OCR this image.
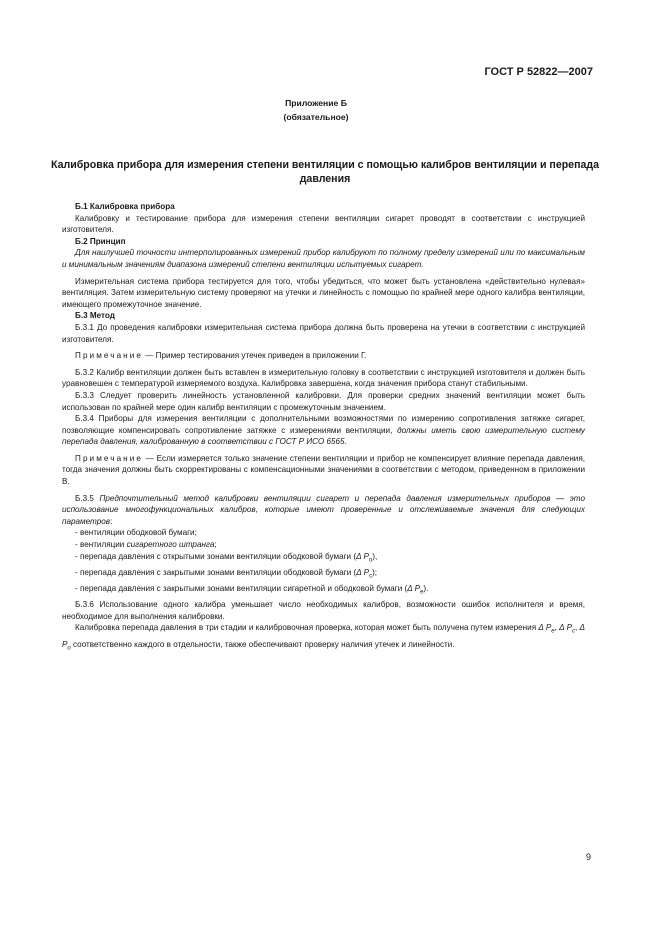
ГОСТ Р 52822—2007
Приложение Б
(обязательное)
Калибровка прибора для измерения степени вентиляции с помощью калибров вентиляции и перепада давления

Б.1 Калибровка прибора

Калибровку и тестирование прибора для измерения степени вентиляции сигарет проводят в соответствии с инструкцией изготовителя.

Б.2 Принцип

Для наилучшей точности интерполированных измерений прибор калибруют по полному пределу измерений или по максимальным и минимальным значениям диапазона измерений степени вентиляции испытуемых сигарет.

Измерительная система прибора тестируется для того, чтобы убедиться, что может быть установлена «действительно нулевая» вентиляция. Затем измерительную систему проверяют на утечки и линейность с помощью по крайней мере одного калибра вентиляции, имеющего промежуточное значение.

Б.3 Метод

Б.3.1 До проведения калибровки измерительная система прибора должна быть проверена на утечки в соответствии с инструкцией изготовителя.

Примечание — Пример тестирования утечек приведен в приложении Г.

Б.3.2 Калибр вентиляции должен быть вставлен в измерительную головку в соответствии с инструкцией изготовителя и должен быть уравновешен с температурой измеряемого воздуха. Калибровка завершена, когда значения прибора станут стабильными.

Б.3.3 Следует проверить линейность установленной калибровки. Для проверки средних значений вентиляции может быть использован по крайней мере один калибр вентиляции с промежуточным значением.

Б.3.4 Приборы для измерения вентиляции с дополнительными возможностями по измерению сопротивления затяжке сигарет, позволяющие компенсировать сопротивление затяжке с измерениями вентиляции, должны иметь свою измерительную систему перепада давления, калиброванную в соответствии с ГОСТ Р ИСО 6565.

Примечание — Если измеряется только значение степени вентиляции и прибор не компенсирует влияние перепада давления, тогда значения должны быть скорректированы с компенсационными значениями в соответствии с методом, приведенном в приложении В.

Б.3.5 Предпочтительный метод калибровки вентиляции сигарет и перепада давления измерительных приборов — это использование многофункциональных калибров, которые имеют проверенные и отслеживаемые значения для следующих параметров:

- вентиляции ободковой бумаги;

- вентиляции сигаретного штранга;

- перепада давления с открытыми зонами вентиляции ободковой бумаги (Δ $P_o$),

- перепада давления с закрытыми зонами вентиляции ободковой бумаги (Δ $P_c$);

- перепада давления с закрытыми зонами вентиляции сигаретной и ободковой бумаги (Δ $P_e$).

Б.3.6 Использование одного калибра уменьшает число необходимых калибров, возможности ошибок исполнителя и время, необходимое для выполнения калибровки.

Калибровка перепада давления в три стадии и калибровочная проверка, которая может быть получена путем измерения Δ $P_e$, Δ $P_c$, Δ $P_o$ соответственно каждого в отдельности, также обеспечивают проверку наличия утечек и линейности.

9
